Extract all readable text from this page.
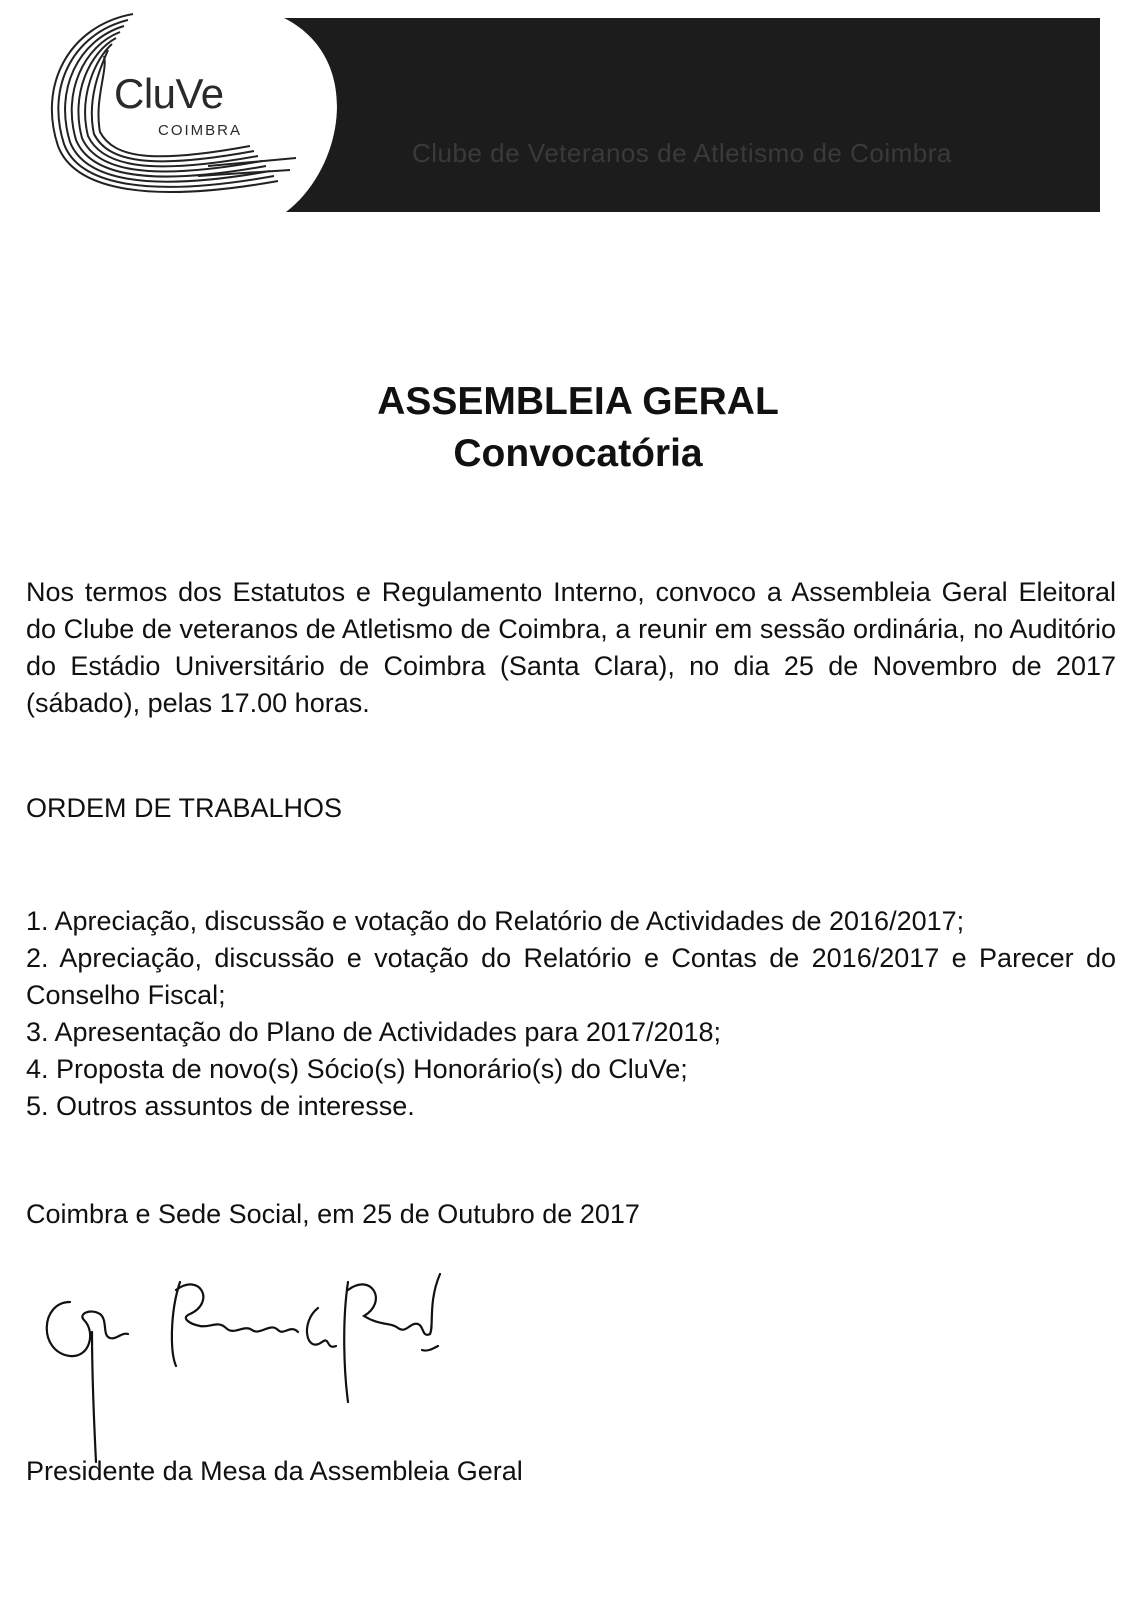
CluVe
COIMBRA
Clube de Veteranos de Atletismo de Coimbra
ASSEMBLEIA GERAL
Convocatória
Nos termos dos Estatutos e Regulamento Interno, convoco a Assembleia Geral Eleitoral do Clube de veteranos de Atletismo de Coimbra, a reunir em sessão ordinária, no Auditório do Estádio Universitário de Coimbra (Santa Clara), no dia 25 de Novembro de 2017 (sábado), pelas 17.00 horas.
ORDEM DE TRABALHOS
1. Apreciação, discussão e votação do Relatório de Actividades de 2016/2017;
2. Apreciação, discussão e votação do Relatório e Contas de 2016/2017 e Parecer do Conselho Fiscal;
3. Apresentação do Plano de Actividades para 2017/2018;
4. Proposta de novo(s) Sócio(s) Honorário(s) do CluVe;
5. Outros assuntos de interesse.
Coimbra e Sede Social, em 25 de Outubro de 2017
Presidente da Mesa da Assembleia Geral
